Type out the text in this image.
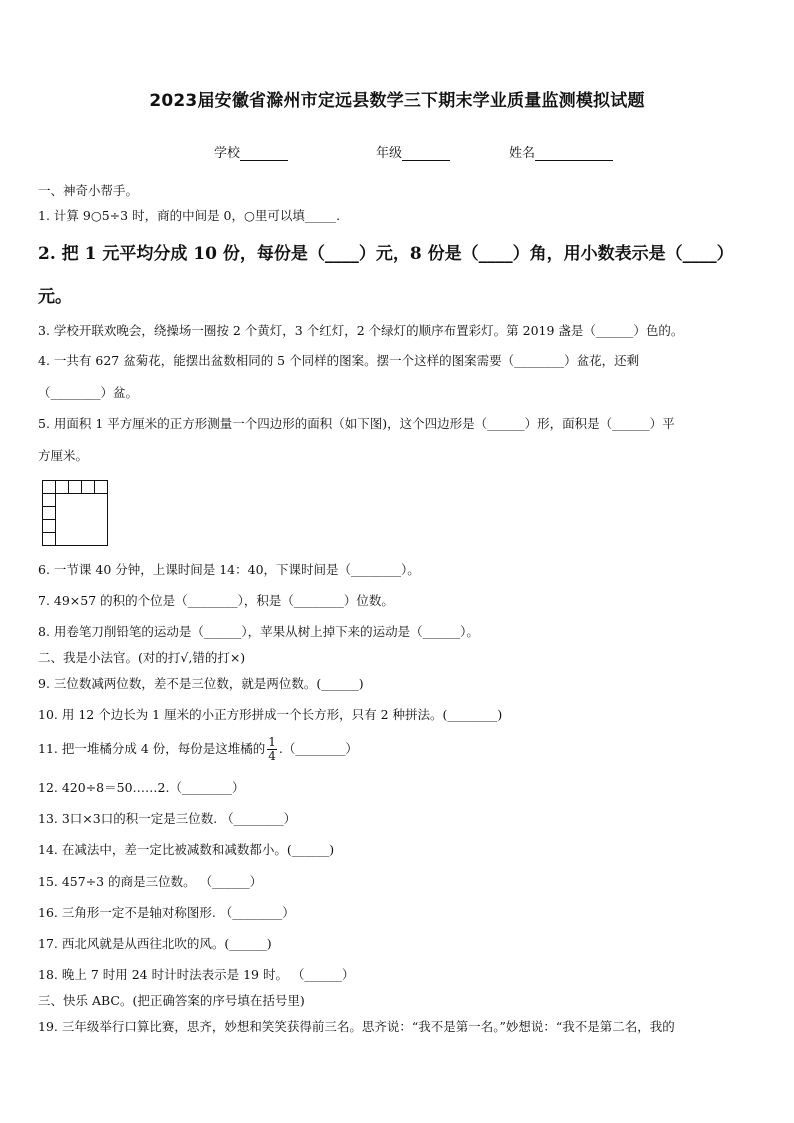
2023届安徽省滁州市定远县数学三下期末学业质量监测模拟试题
学校	年级	姓名
一、神奇小帮手。
1. 计算 9○5÷3 时，商的中间是 0，○里可以填_____.
2. 把 1 元平均分成 10 份，每份是（____）元，8 份是（____）角，用小数表示是（____）
元。
3. 学校开联欢晚会，绕操场一圈按 2 个黄灯，3 个红灯，2 个绿灯的顺序布置彩灯。第 2019 盏是（______）色的。
4. 一共有 627 盆菊花，能摆出盆数相同的 5 个同样的图案。摆一个这样的图案需要（________）盆花，还剩
（________）盆。
5. 用面积 1 平方厘米的正方形测量一个四边形的面积（如下图)，这个四边形是（______）形，面积是（______）平
方厘米。
6. 一节课 40 分钟，上课时间是 14：40，下课时间是（________）。
7. 49×57 的积的个位是（________），积是（________）位数。
8. 用卷笔刀削铅笔的运动是（______），苹果从树上掉下来的运动是（______）。
二、我是小法官。(对的打√,错的打×)
9. 三位数减两位数，差不是三位数，就是两位数。(______)
10. 用 12 个边长为 1 厘米的小正方形拼成一个长方形，只有 2 种拼法。(________)
11. 把一堆橘分成 4 份，每份是这堆橘的 $\frac{1}{4}$ .（________）
12. 420÷8＝50……2.（________）
13. 3口×3口的积一定是三位数. （________）
14. 在减法中，差一定比被减数和减数都小。(______)
15. 457÷3 的商是三位数。 （______）
16. 三角形一定不是轴对称图形. （________）
17. 西北风就是从西往北吹的风。(______)
18. 晚上 7 时用 24 时计时法表示是 19 时。 （______）
三、快乐 ABC。(把正确答案的序号填在括号里)
19. 三年级举行口算比赛，思齐，妙想和笑笑获得前三名。思齐说：“我不是第一名。”妙想说：“我不是第二名，我的
